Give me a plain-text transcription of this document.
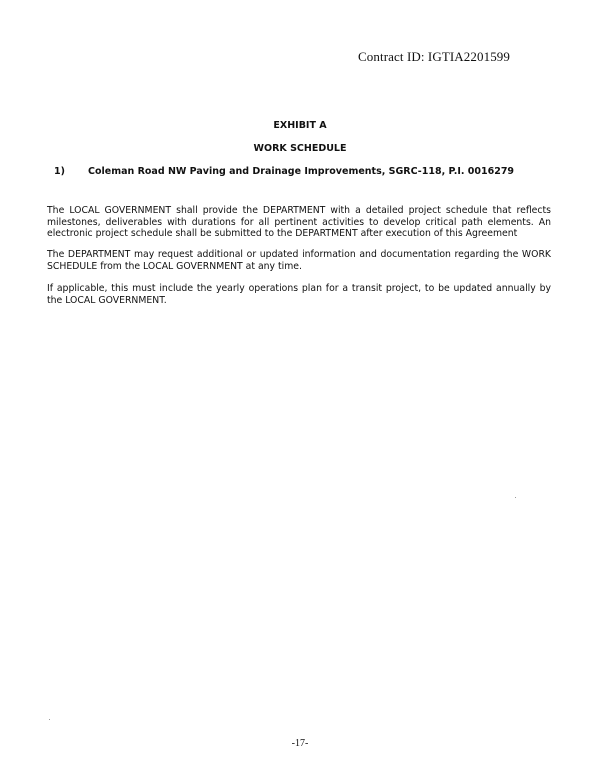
Contract ID: IGTIA2201599
EXHIBIT A
WORK SCHEDULE
1) Coleman Road NW Paving and Drainage Improvements, SGRC-118, P.I. 0016279

The LOCAL GOVERNMENT shall provide the DEPARTMENT with a detailed project schedule that reflects milestones, deliverables with durations for all pertinent activities to develop critical path elements. An electronic project schedule shall be submitted to the DEPARTMENT after execution of this Agreement

The DEPARTMENT may request additional or updated information and documentation regarding the WORK SCHEDULE from the LOCAL GOVERNMENT at any time.

If applicable, this must include the yearly operations plan for a transit project, to be updated annually by the LOCAL GOVERNMENT.

-17-
